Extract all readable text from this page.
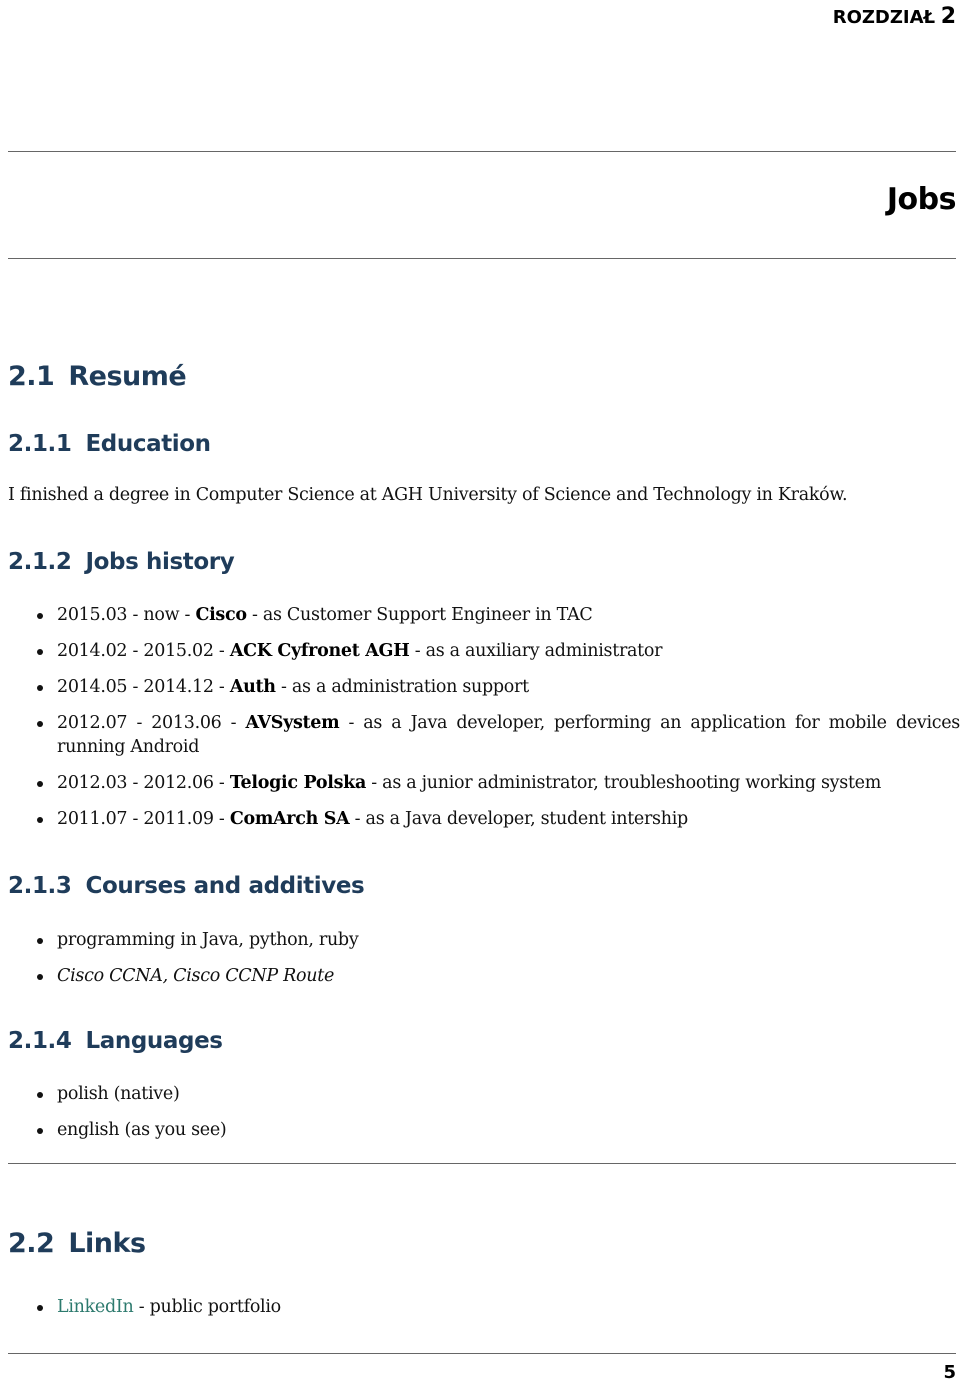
ROZDZIAŁ 2
Jobs
2.1 Resumé
2.1.1 Education
I finished a degree in Computer Science at AGH University of Science and Technology in Kraków.
2.1.2 Jobs history
2015.03 - now - Cisco - as Customer Support Engineer in TAC
2014.02 - 2015.02 - ACK Cyfronet AGH - as a auxiliary administrator
2014.05 - 2014.12 - Auth - as a administration support
2012.07 - 2013.06 - AVSystem - as a Java developer, performing an application for mobile devices running Android
2012.03 - 2012.06 - Telogic Polska - as a junior administrator, troubleshooting working system
2011.07 - 2011.09 - ComArch SA - as a Java developer, student intership
2.1.3 Courses and additives
programming in Java, python, ruby
Cisco CCNA, Cisco CCNP Route
2.1.4 Languages
polish (native)
english (as you see)
2.2 Links
LinkedIn - public portfolio
5
